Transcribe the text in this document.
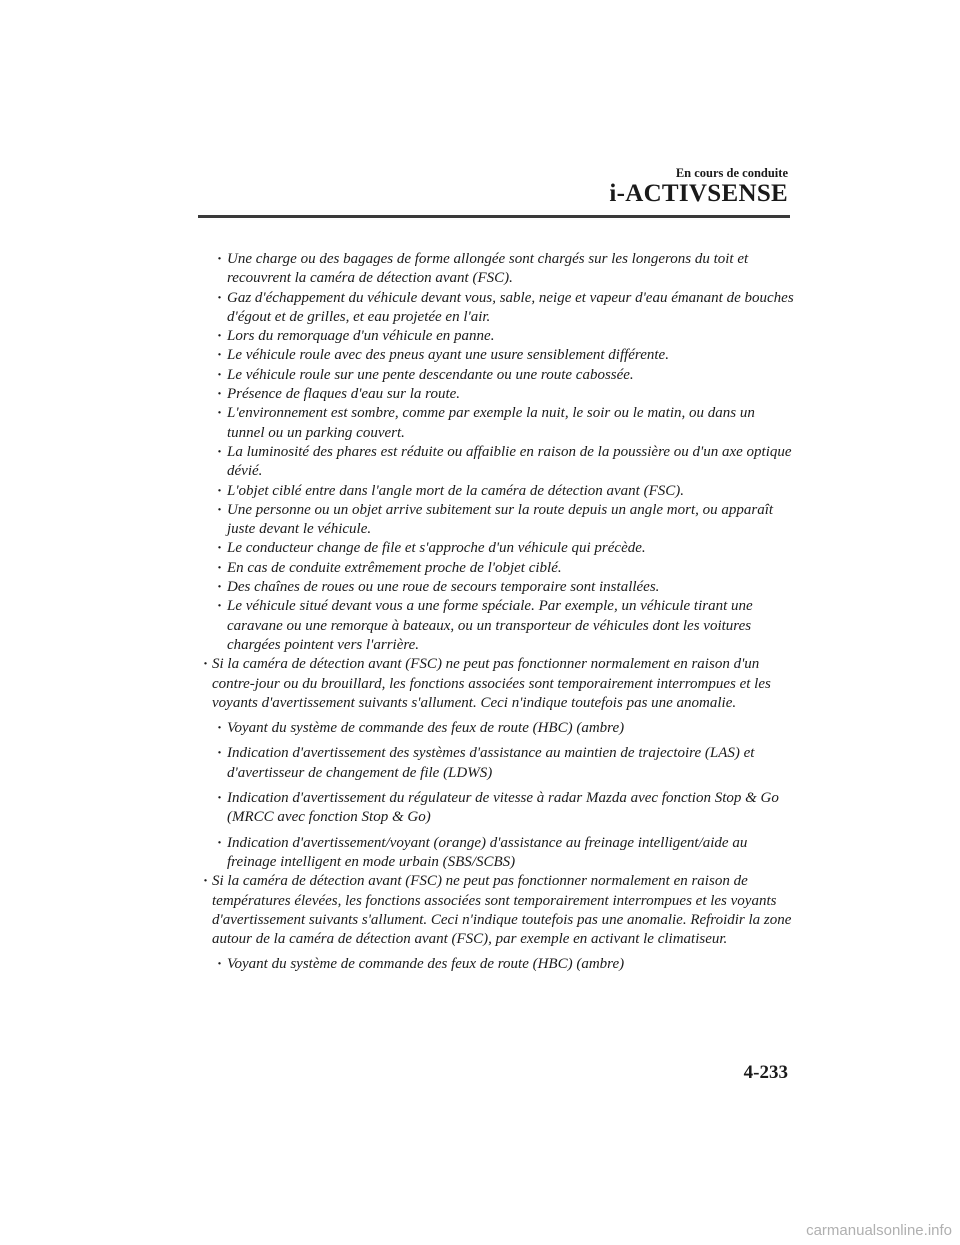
En cours de conduite
i-ACTIVSENSE
· Une charge ou des bagages de forme allongée sont chargés sur les longerons du toit et recouvrent la caméra de détection avant (FSC).
· Gaz d'échappement du véhicule devant vous, sable, neige et vapeur d'eau émanant de bouches d'égout et de grilles, et eau projetée en l'air.
· Lors du remorquage d'un véhicule en panne.
· Le véhicule roule avec des pneus ayant une usure sensiblement différente.
· Le véhicule roule sur une pente descendante ou une route cabossée.
· Présence de flaques d'eau sur la route.
· L'environnement est sombre, comme par exemple la nuit, le soir ou le matin, ou dans un tunnel ou un parking couvert.
· La luminosité des phares est réduite ou affaiblie en raison de la poussière ou d'un axe optique dévié.
· L'objet ciblé entre dans l'angle mort de la caméra de détection avant (FSC).
· Une personne ou un objet arrive subitement sur la route depuis un angle mort, ou apparaît juste devant le véhicule.
· Le conducteur change de file et s'approche d'un véhicule qui précède.
· En cas de conduite extrêmement proche de l'objet ciblé.
· Des chaînes de roues ou une roue de secours temporaire sont installées.
· Le véhicule situé devant vous a une forme spéciale. Par exemple, un véhicule tirant une caravane ou une remorque à bateaux, ou un transporteur de véhicules dont les voitures chargées pointent vers l'arrière.
· Si la caméra de détection avant (FSC) ne peut pas fonctionner normalement en raison d'un contre-jour ou du brouillard, les fonctions associées sont temporairement interrompues et les voyants d'avertissement suivants s'allument. Ceci n'indique toutefois pas une anomalie.
· Voyant du système de commande des feux de route (HBC) (ambre)
· Indication d'avertissement des systèmes d'assistance au maintien de trajectoire (LAS) et d'avertisseur de changement de file (LDWS)
· Indication d'avertissement du régulateur de vitesse à radar Mazda avec fonction Stop & Go (MRCC avec fonction Stop & Go)
· Indication d'avertissement/voyant (orange) d'assistance au freinage intelligent/aide au freinage intelligent en mode urbain (SBS/SCBS)
· Si la caméra de détection avant (FSC) ne peut pas fonctionner normalement en raison de températures élevées, les fonctions associées sont temporairement interrompues et les voyants d'avertissement suivants s'allument. Ceci n'indique toutefois pas une anomalie. Refroidir la zone autour de la caméra de détection avant (FSC), par exemple en activant le climatiseur.
· Voyant du système de commande des feux de route (HBC) (ambre)
4-233
carmanualsonline.info
